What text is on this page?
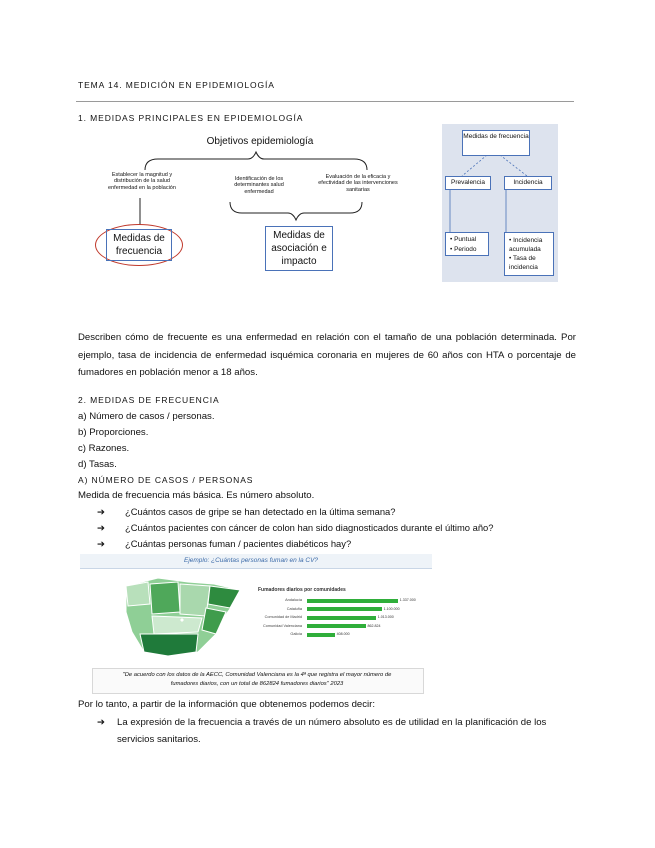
TEMA 14. MEDICIÓN EN EPIDEMIOLOGÍA
1. MEDIDAS PRINCIPALES EN EPIDEMIOLOGÍA
Objetivos epidemiología
Establecer la magnitud y distribución de la salud enfermedad en la población
Identificación de los determinantes salud enfermedad
Evaluación de la eficacia y efectividad de las intervenciones sanitarias
Medidas de frecuencia
Medidas de asociación e impacto
Medidas de frecuencia
Prevalencia	Incidencia
• Puntual
• Periodo
• Incidencia acumulada
• Tasa de incidencia
Describen cómo de frecuente es una enfermedad en relación con el tamaño de una población determinada. Por ejemplo, tasa de incidencia de enfermedad isquémica coronaria en mujeres de 60 años con HTA o porcentaje de fumadores en población menor a 18 años.
2. MEDIDAS DE FRECUENCIA
a) Número de casos / personas.
b) Proporciones.
c) Razones.
d) Tasas.
A) NÚMERO DE CASOS / PERSONAS
Medida de frecuencia más básica. Es número absoluto.
➔ ¿Cuántos casos de gripe se han detectado en la última semana?
➔ ¿Cuántos pacientes con cáncer de colon han sido diagnosticados durante el último año?
➔ ¿Cuántas personas fuman / pacientes diabéticos hay?
Ejemplo: ¿Cuántas personas fuman en la CV?
Fumadores diarios por comunidades
Andalucía	1.337.000
Cataluña	1.100.000
Comunidad de Madrid	1.013.000
Comunidad Valenciana	862.824
Galicia	408.000
"De acuerdo con los datos de la AECC, Comunidad Valenciana es la 4ª que registra el mayor número de
fumadores diarios, con un total de 862824 fumadores diarios" 2023
Por lo tanto, a partir de la información que obtenemos podemos decir:
➔	La expresión de la frecuencia a través de un número absoluto es de utilidad en la planificación de los servicios sanitarios.
